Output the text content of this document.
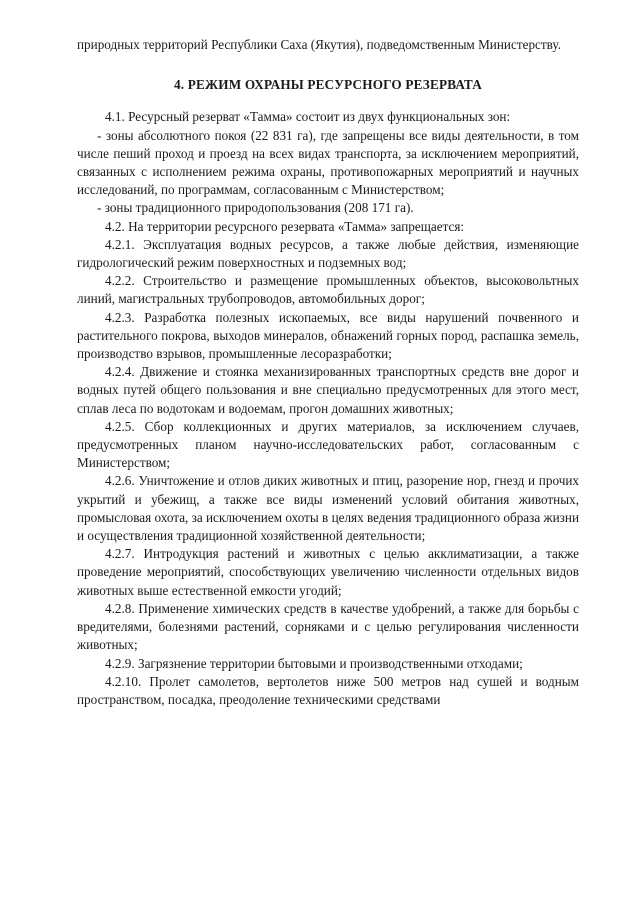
природных территорий Республики Саха (Якутия), подведомственным Министерству.

4. РЕЖИМ ОХРАНЫ РЕСУРСНОГО РЕЗЕРВАТА

4.1. Ресурсный резерват «Тамма» состоит из двух функциональных зон:

- зоны абсолютного покоя (22 831 га), где запрещены все виды деятельности, в том числе пеший проход и проезд на всех видах транспорта, за исключением мероприятий, связанных с исполнением режима охраны, противопожарных мероприятий и научных исследований, по программам, согласованным с Министерством;

- зоны традиционного природопользования (208 171 га).

4.2. На территории ресурсного резервата «Тамма» запрещается:

4.2.1. Эксплуатация водных ресурсов, а также любые действия, изменяющие гидрологический режим поверхностных и подземных вод;

4.2.2. Строительство и размещение промышленных объектов, высоковольтных линий, магистральных трубопроводов, автомобильных дорог;

4.2.3. Разработка полезных ископаемых, все виды нарушений почвенного и растительного покрова, выходов минералов, обнажений горных пород, распашка земель, производство взрывов, промышленные лесоразработки;

4.2.4. Движение и стоянка механизированных транспортных средств вне дорог и водных путей общего пользования и вне специально предусмотренных для этого мест, сплав леса по водотокам и водоемам, прогон домашних животных;

4.2.5. Сбор коллекционных и других материалов, за исключением случаев, предусмотренных планом научно-исследовательских работ, согласованным с Министерством;

4.2.6. Уничтожение и отлов диких животных и птиц, разорение нор, гнезд и прочих укрытий и убежищ, а также все виды изменений условий обитания животных, промысловая охота, за исключением охоты в целях ведения традиционного образа жизни и осуществления традиционной хозяйственной деятельности;

4.2.7. Интродукция растений и животных с целью акклиматизации, а также проведение мероприятий, способствующих увеличению численности отдельных видов животных выше естественной емкости угодий;

4.2.8. Применение химических средств в качестве удобрений, а также для борьбы с вредителями, болезнями растений, сорняками и с целью регулирования численности животных;

4.2.9. Загрязнение территории бытовыми и производственными отходами;

4.2.10. Пролет самолетов, вертолетов ниже 500 метров над сушей и водным пространством, посадка, преодоление техническими средствами
